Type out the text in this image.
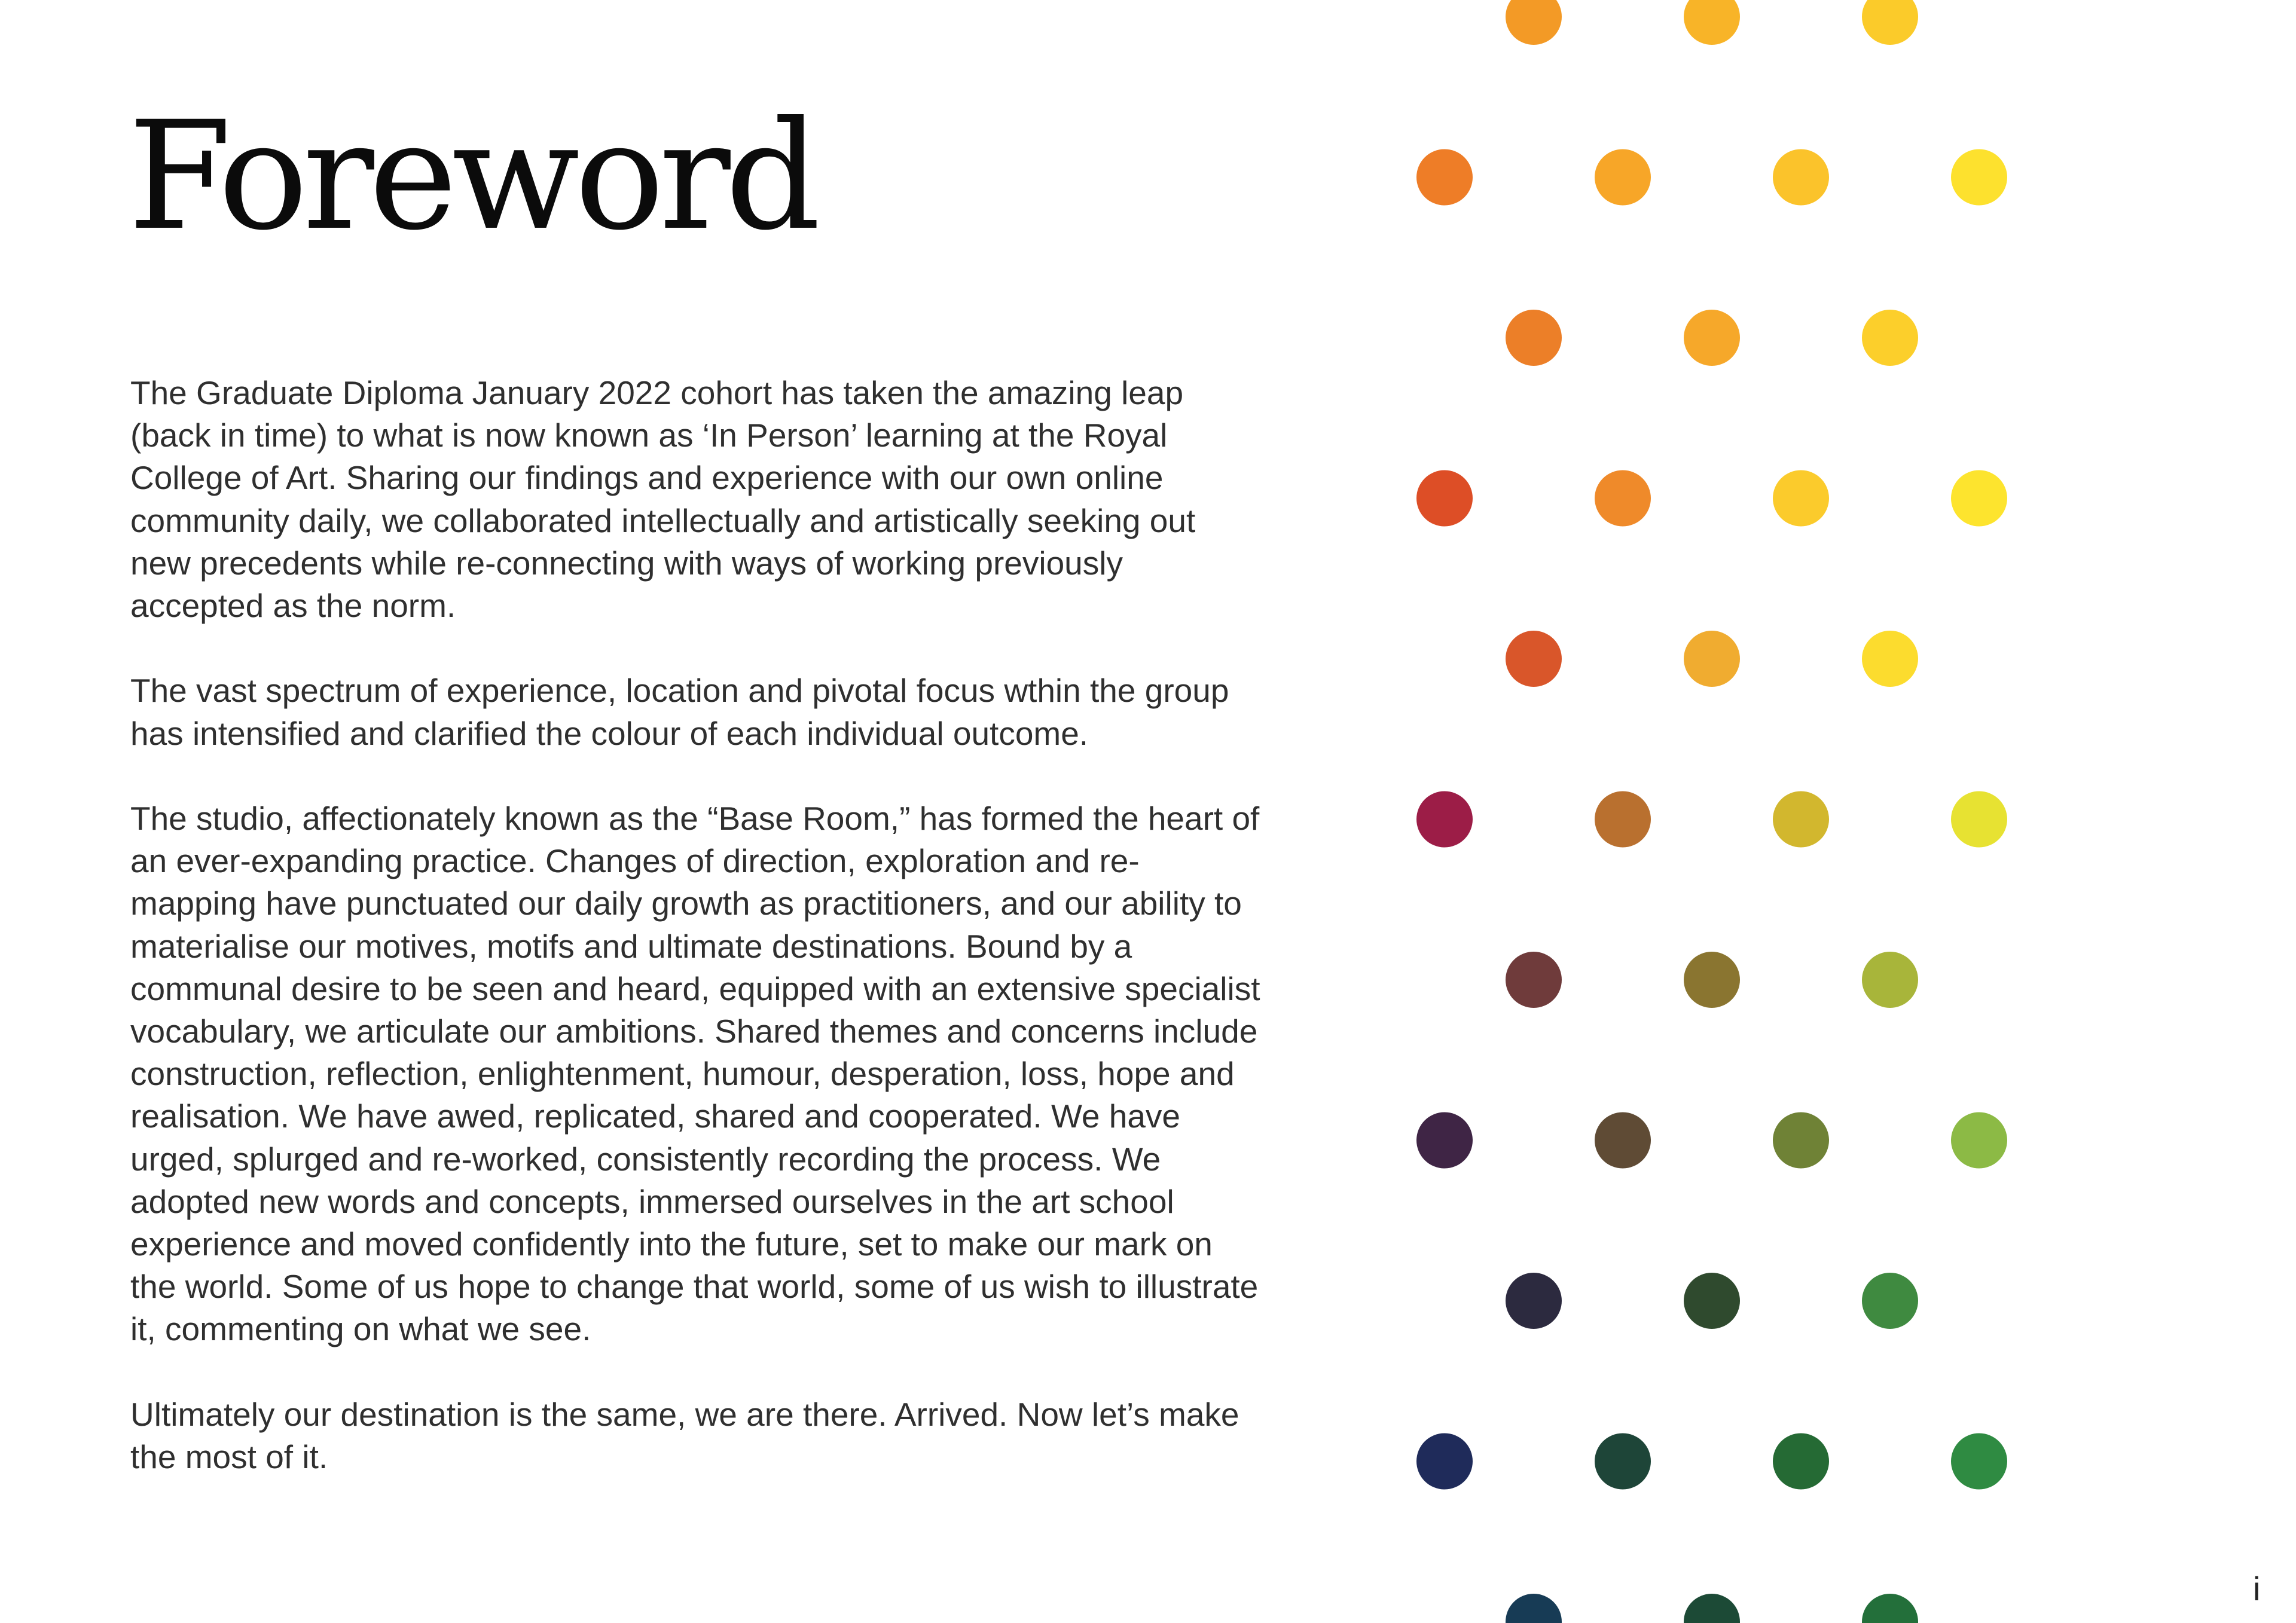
Foreword

The Graduate Diploma January 2022 cohort has taken the amazing leap (back in time) to what is now known as ‘In Person’ learning at the Royal College of Art. Sharing our findings and experience with our own online community daily, we collaborated intellectually and artistically seeking out new precedents while re-connecting with ways of working previously accepted as the norm.

The vast spectrum of experience, location and pivotal focus wthin the group has intensified and clarified the colour of each individual outcome.

The studio, affectionately known as the “Base Room,” has formed the heart of an ever-expanding practice. Changes of direction, exploration and re-mapping have punctuated our daily growth as practitioners, and our ability to materialise our motives, motifs and ultimate destinations. Bound by a communal desire to be seen and heard, equipped with an extensive specialist vocabulary, we articulate our ambitions. Shared themes and concerns include construction, reflection, enlightenment, humour, desperation, loss, hope and realisation. We have awed, replicated, shared and cooperated. We have urged, splurged and re-worked, consistently recording the process. We adopted new words and concepts, immersed ourselves in the art school experience and moved confidently into the future, set to make our mark on the world. Some of us hope to change that world, some of us wish to illustrate it, commenting on what we see.

Ultimately our destination is the same, we are there. Arrived. Now let’s make the most of it.

i
